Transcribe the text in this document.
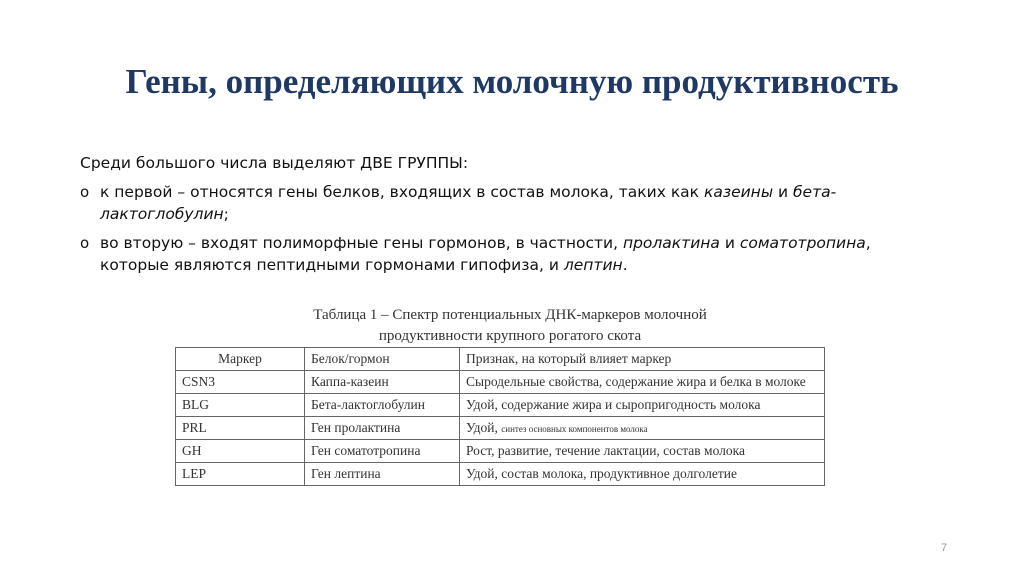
Гены, определяющих молочную продуктивность

Среди большого числа выделяют ДВЕ ГРУППЫ:

o к первой – относятся гены белков, входящих в состав молока, таких как казеины и бета-лактоглобулин;
o во вторую – входят полиморфные гены гормонов, в частности, пролактина и соматотропина, которые являются пептидными гормонами гипофиза, и лептин.
Таблица 1 – Спектр потенциальных ДНК-маркеров молочной
продуктивности крупного рогатого скота
Маркер	Белок/гормон	Признак, на который влияет маркер
CSN3	Каппа-казеин	Сыродельные свойства, содержание жира и белка в молоке
BLG	Бета-лактоглобулин	Удой, содержание жира и сыропригодность молока
PRL	Ген пролактина	Удой, синтез основных компонентов молока
GH	Ген соматотропина	Рост, развитие, течение лактации, состав молока
LEP	Ген лептина	Удой, состав молока, продуктивное долголетие
7
